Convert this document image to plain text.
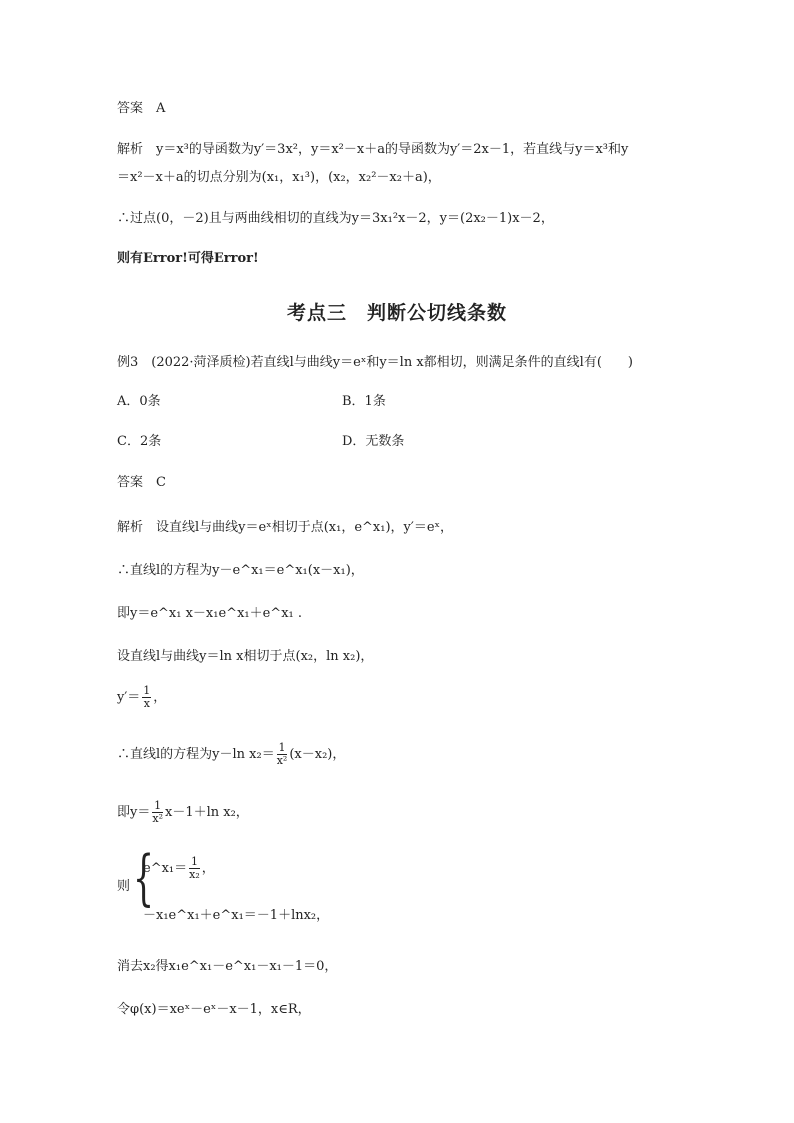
答案　A
解析　y＝x³的导函数为y′＝3x²，y＝x²－x＋a的导函数为y′＝2x－1，若直线与y＝x³和y
＝x²－x＋a的切点分别为(x₁，x₁³)，(x₂，x₂²－x₂＋a)，
∴过点(0，－2)且与两曲线相切的直线为y＝3x₁²x－2，y＝(2x₂－1)x－2，
则有Error!可得Error!
考点三　判断公切线条数
例3　(2022·菏泽质检)若直线l与曲线y＝eˣ和y＝ln x都相切，则满足条件的直线l有(　　)
A．0条	B．1条
C．2条	D．无数条
答案　C
解析　设直线l与曲线y＝eˣ相切于点(x₁，e^x₁)，y′＝eˣ，
∴直线l的方程为y－e^x₁＝e^x₁(x－x₁)，
即y＝e^x₁ x－x₁e^x₁＋e^x₁ .
设直线l与曲线y＝ln x相切于点(x₂，ln x₂)，
$y'= \frac{1}{x}$ ，
∴直线l的方程为y－ln $x_2= \frac{1}{\text{x²}} (x-x_2)$，
即$y= \frac{1}{\text{x²}} x-1+\ln$ x₂，
则 {
e^x₁＝ $\frac{1}{\text{x₂}}$ ，
－x₁e^x₁＋e^x₁＝－1＋lnx₂，
消去x₂得x₁e^x₁－e^x₁－x₁－1＝0，
令φ(x)＝xeˣ－eˣ－x－1，x∈R，
